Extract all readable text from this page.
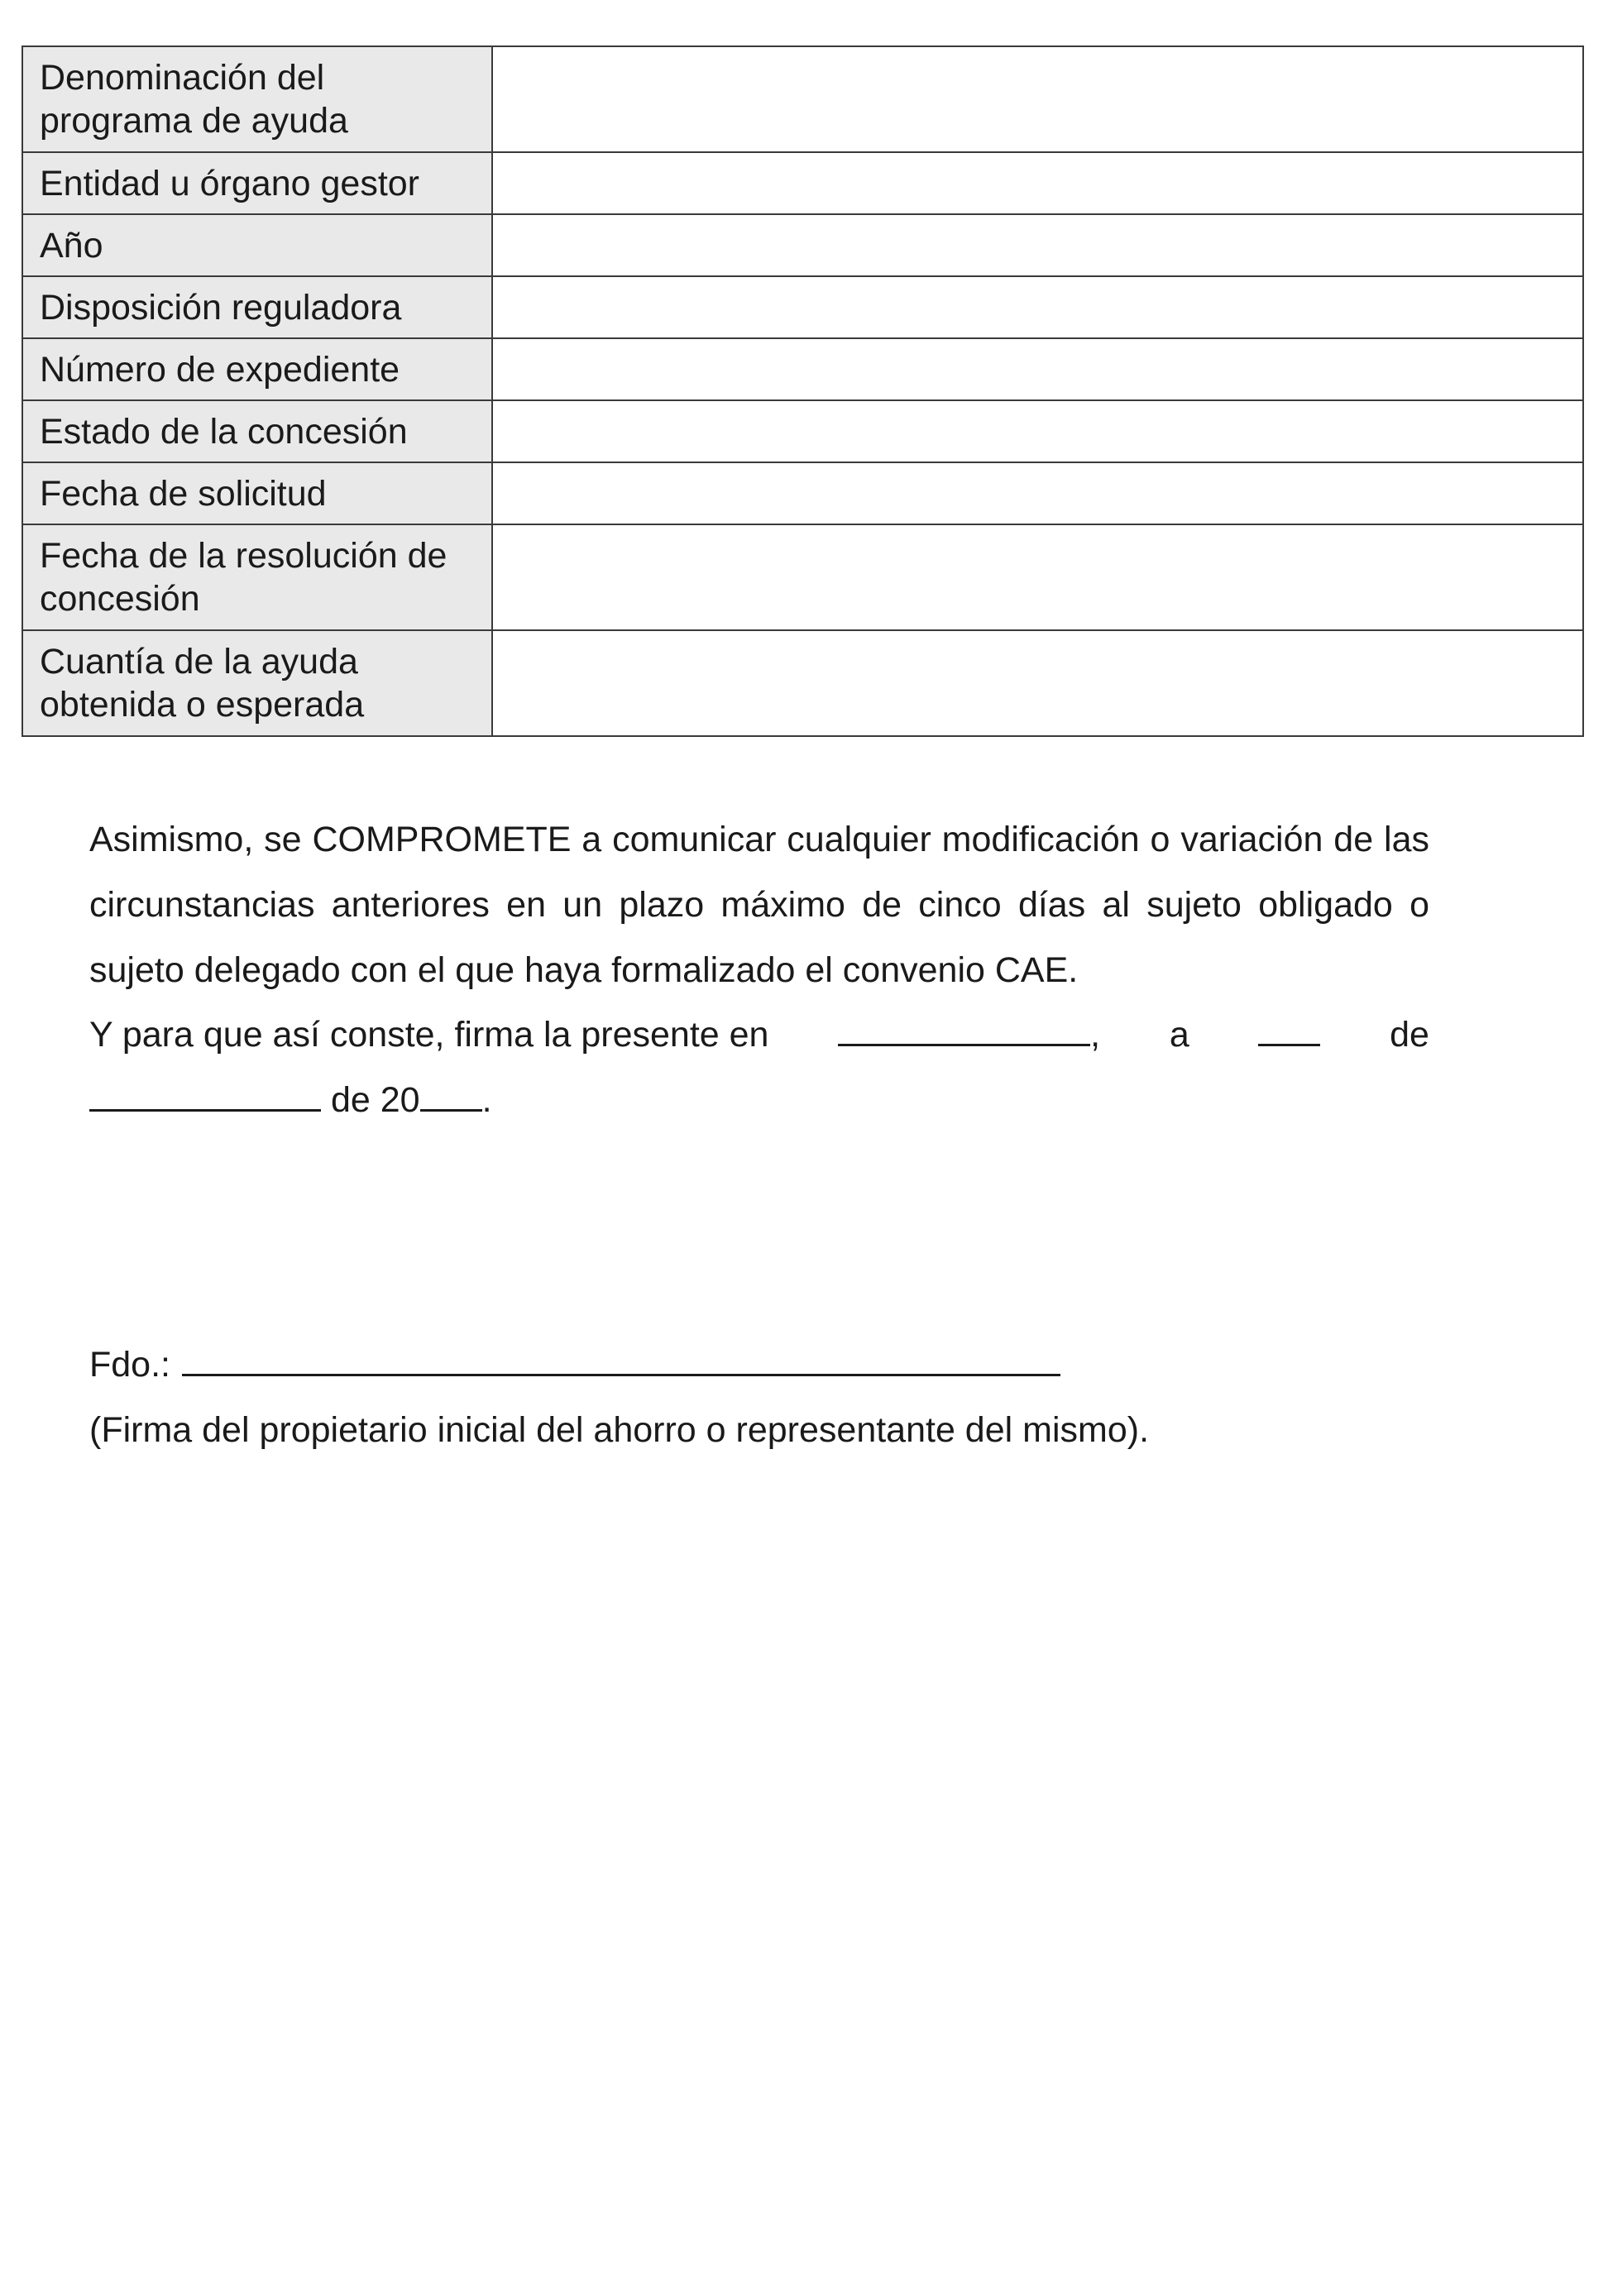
Denominación del programa de ayuda	
Entidad u órgano gestor	
Año	
Disposición reguladora	
Número de expediente	
Estado de la concesión	
Fecha de solicitud	
Fecha de la resolución de concesión	
Cuantía de la ayuda obtenida o esperada	

Asimismo, se COMPROMETE a comunicar cualquier modificación o variación de las circunstancias anteriores en un plazo máximo de cinco días al sujeto obligado o sujeto delegado con el que haya formalizado el convenio CAE.

Y para que así conste, firma la presente en	, a	de
de 20 .
Fdo.:

(Firma del propietario inicial del ahorro o representante del mismo).
